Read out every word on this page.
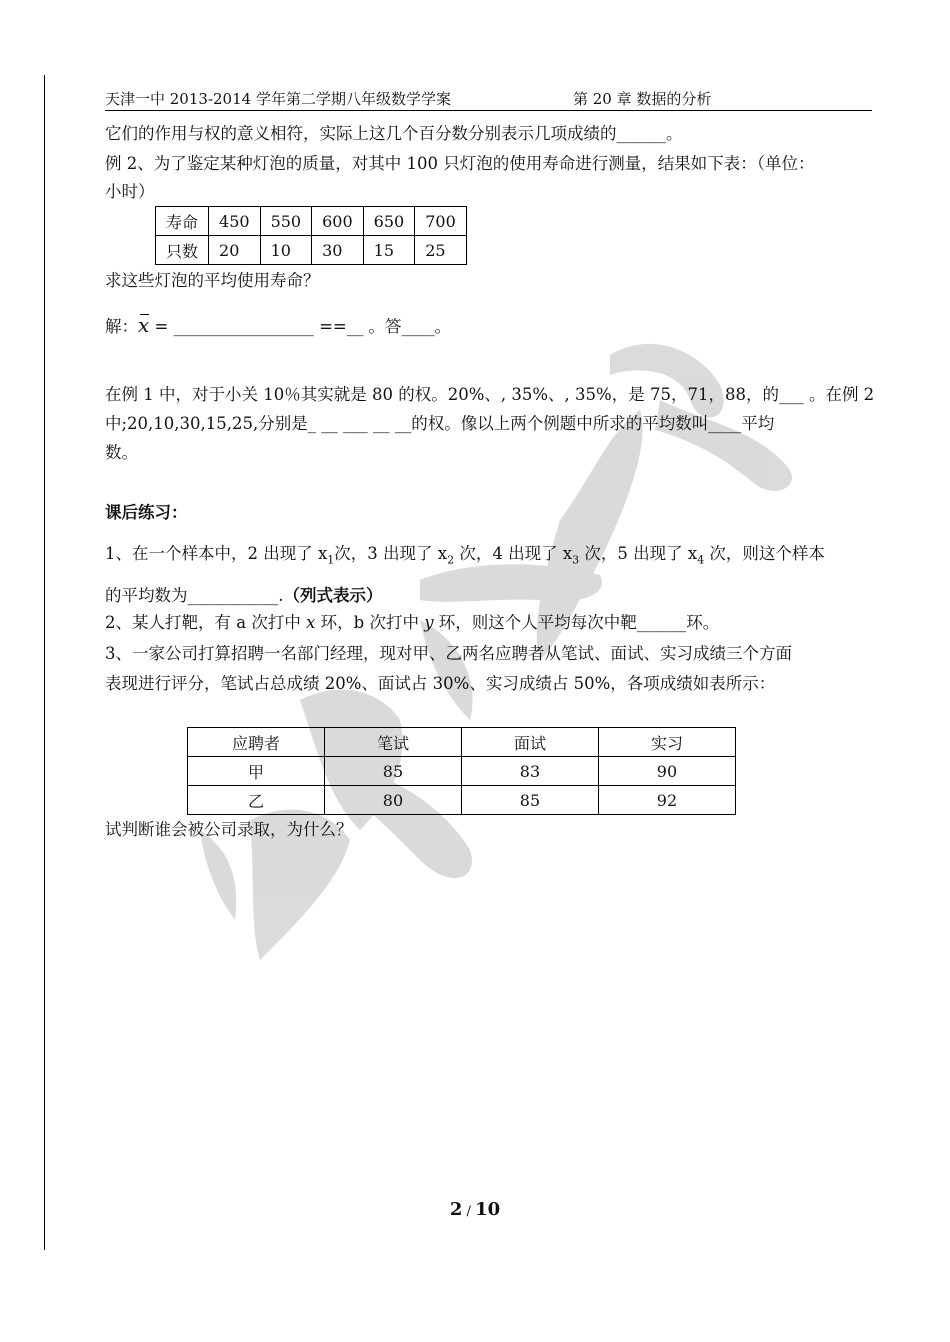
天津一中 2013-2014 学年第二学期八年级数学学案	第 20 章 数据的分析
它们的作用与权的意义相符，实际上这几个百分数分别表示几项成绩的______。
例 2、为了鉴定某种灯泡的质量，对其中 100 只灯泡的使用寿命进行测量，结果如下表：（单位：
小时）
寿命	450	550	600	650	700
只数	20	10	30	15	25
求这些灯泡的平均使用寿命？
解：x = _________________ ==__ 。答____。
在例 1 中，对于小关 10％其实就是 80 的权。20%、, 35%、, 35%，是 75，71，88，的___ 。在例 2
中;20,10,30,15,25,分别是_ __ ___ __ __的权。像以上两个例题中所求的平均数叫____平均
数。
课后练习：
1、在一个样本中，2 出现了 $x_1$次，3 出现了 $x_2$ 次，4 出现了 $x_3$ 次，5 出现了 $x_4$ 次，则这个样本
的平均数为___________.（列式表示）
2、某人打靶，有 a 次打中 x 环，b 次打中 y 环，则这个人平均每次中靶______环。
3、一家公司打算招聘一名部门经理，现对甲、乙两名应聘者从笔试、面试、实习成绩三个方面
表现进行评分，笔试占总成绩 20%、面试占 30%、实习成绩占 50%，各项成绩如表所示：
应聘者	笔试	面试	实习
甲	85	83	90
乙	80	85	92
试判断谁会被公司录取，为什么？
2 / 10
